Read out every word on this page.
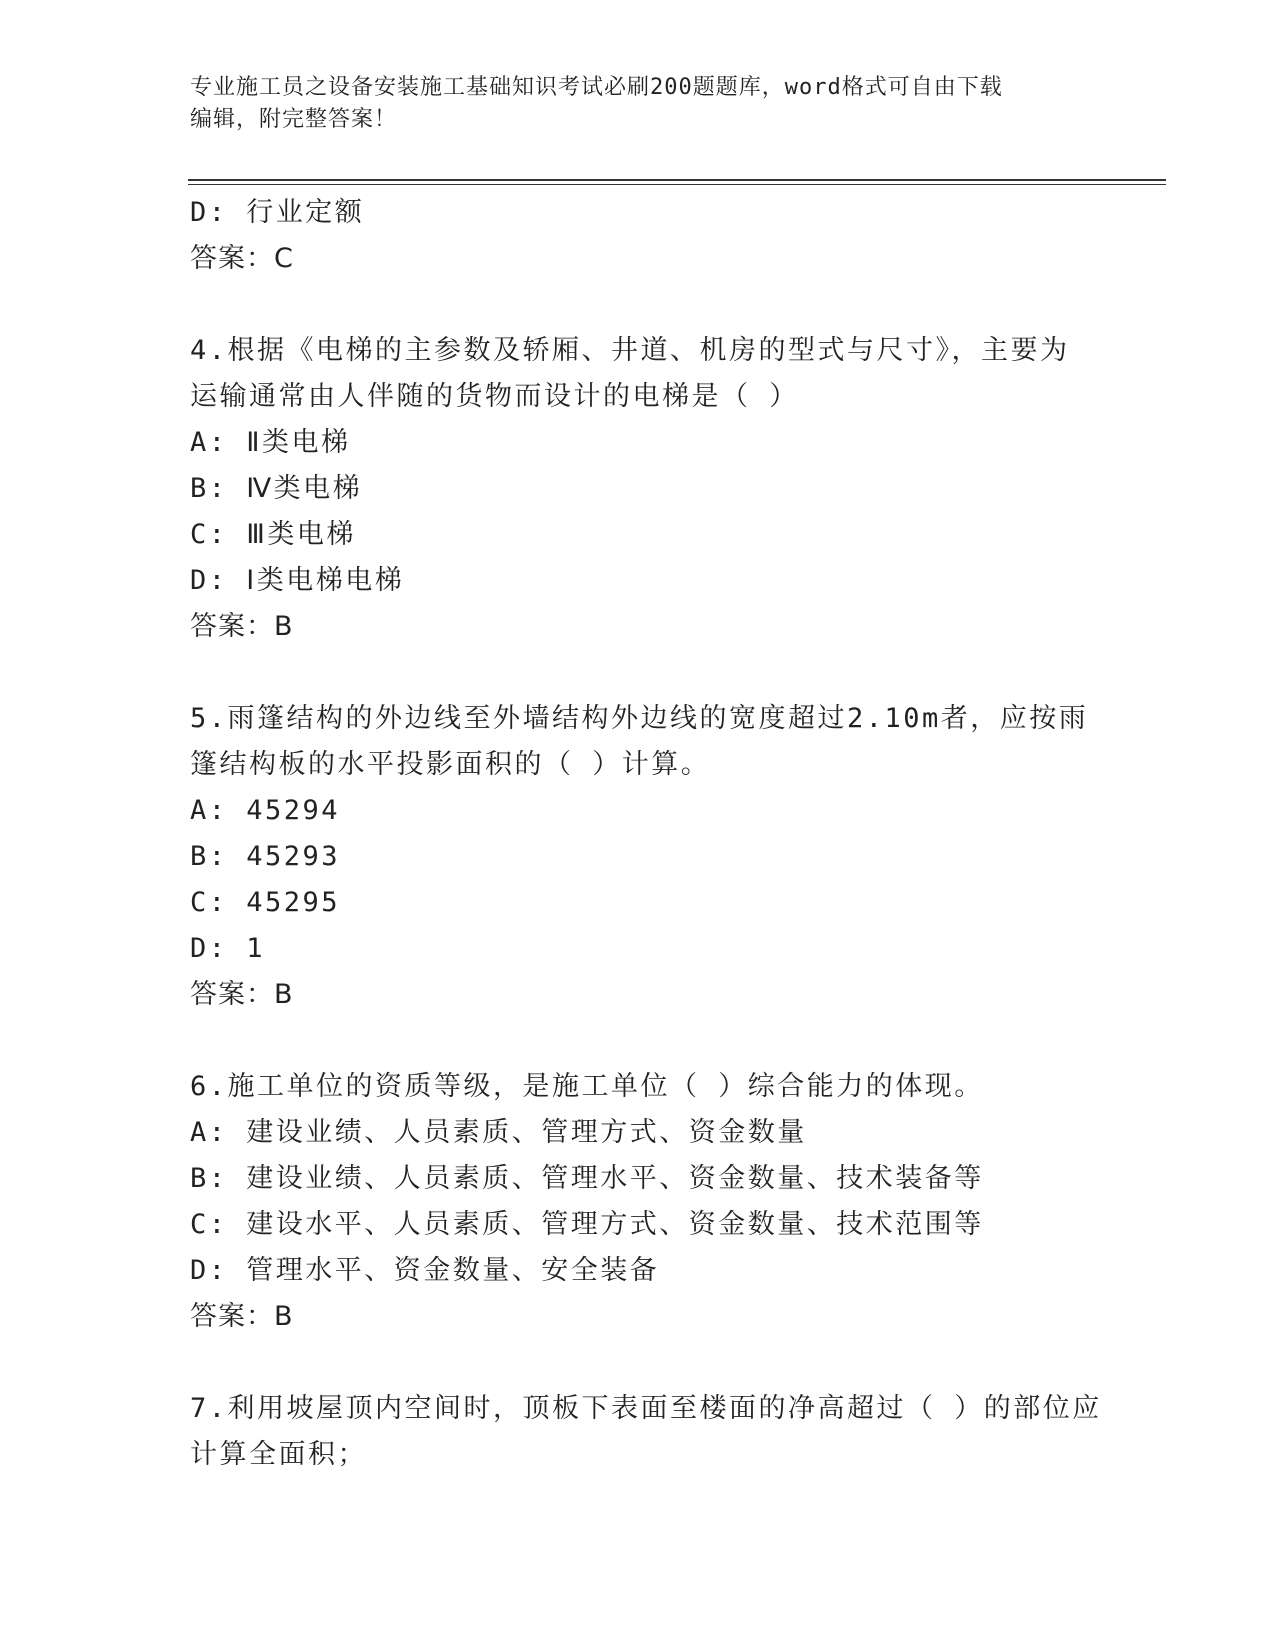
专业施工员之设备安装施工基础知识考试必刷200题题库，word格式可自由下载
编辑，附完整答案！
D: 行业定额
答案：C
4.根据《电梯的主参数及轿厢、井道、机房的型式与尺寸》，主要为
运输通常由人伴随的货物而设计的电梯是（ ）
A: Ⅱ类电梯
B: Ⅳ类电梯
C: Ⅲ类电梯
D: Ⅰ类电梯电梯
答案：B
5.雨篷结构的外边线至外墙结构外边线的宽度超过2.10m者，应按雨
篷结构板的水平投影面积的（ ）计算。
A: 45294
B: 45293
C: 45295
D: 1
答案：B
6.施工单位的资质等级，是施工单位（ ）综合能力的体现。
A: 建设业绩、人员素质、管理方式、资金数量
B: 建设业绩、人员素质、管理水平、资金数量、技术装备等
C: 建设水平、人员素质、管理方式、资金数量、技术范围等
D: 管理水平、资金数量、安全装备
答案：B
7.利用坡屋顶内空间时，顶板下表面至楼面的净高超过（ ）的部位应
计算全面积；
